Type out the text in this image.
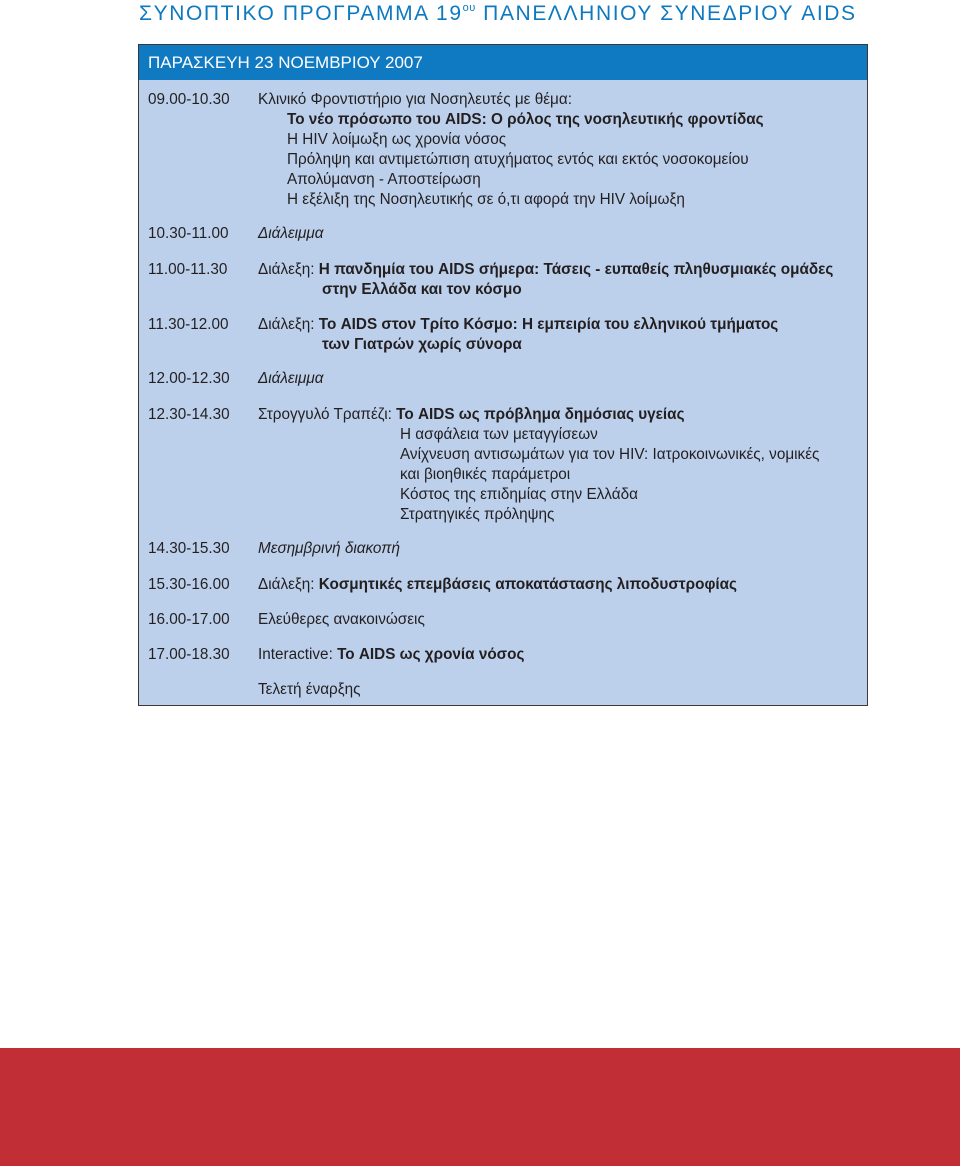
ΣΥΝΟΠΤΙΚΟ ΠΡΟΓΡΑΜΜΑ $19^{o\upsilon}$ ΠΑΝΕΛΛΗΝΙΟΥ ΣΥΝΕΔΡΙΟΥ AIDS
ΠΑΡΑΣΚΕΥΗ 23 ΝΟΕΜΒΡΙΟΥ 2007
09.00-10.30 Κλινικό Φροντιστήριο για Νοσηλευτές με θέμα:
Το νέο πρόσωπο του AIDS: Ο ρόλος της νοσηλευτικής φροντίδας
Η HIV λοίμωξη ως χρονία νόσος
Πρόληψη και αντιμετώπιση ατυχήματος εντός και εκτός νοσοκομείου
Απολύμανση - Αποστείρωση
Η εξέλιξη της Νοσηλευτικής σε ό,τι αφορά την HIV λοίμωξη
10.30-11.00 Διάλειμμα
11.00-11.30 Διάλεξη: Η πανδημία του AIDS σήμερα: Τάσεις - ευπαθείς πληθυσμιακές ομάδες
στην Ελλάδα και τον κόσμο
11.30-12.00 Διάλεξη: Το AIDS στον Τρίτο Κόσμο: Η εμπειρία του ελληνικού τμήματος
των Γιατρών χωρίς σύνορα
12.00-12.30 Διάλειμμα
12.30-14.30 Στρογγυλό Τραπέζι: Το AIDS ως πρόβλημα δημόσιας υγείας
Η ασφάλεια των μεταγγίσεων
Ανίχνευση αντισωμάτων για τον HIV: Ιατροκοινωνικές, νομικές
και βιοηθικές παράμετροι
Κόστος της επιδημίας στην Ελλάδα
Στρατηγικές πρόληψης
14.30-15.30 Μεσημβρινή διακοπή
15.30-16.00 Διάλεξη: Κοσμητικές επεμβάσεις αποκατάστασης λιποδυστροφίας
16.00-17.00 Ελεύθερες ανακοινώσεις
17.00-18.30 Interactive: Το AIDS ως χρονία νόσος
Τελετή έναρξης
